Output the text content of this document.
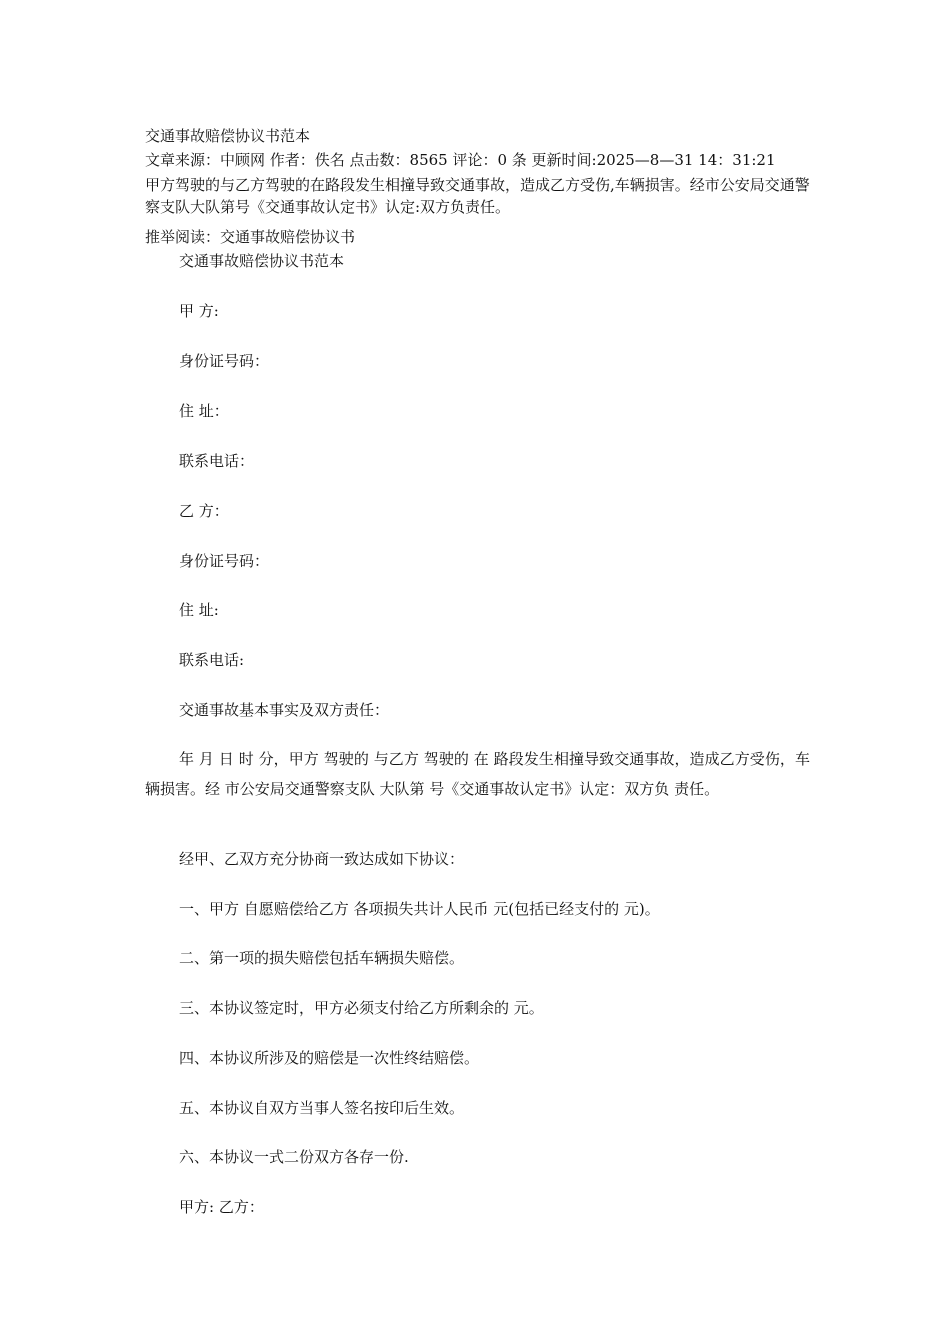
交通事故赔偿协议书范本
文章来源：中顾网 作者：佚名 点击数：8565 评论：0 条 更新时间:2025—8—31 14：31:21
甲方驾驶的与乙方驾驶的在路段发生相撞导致交通事故，造成乙方受伤,车辆损害。经市公安局交通警察支队大队第号《交通事故认定书》认定:双方负责任。
推举阅读：交通事故赔偿协议书
交通事故赔偿协议书范本
甲 方:
身份证号码：
住 址：
联系电话：
乙 方：
身份证号码：
住 址:
联系电话:
交通事故基本事实及双方责任：
年 月 日 时 分，甲方 驾驶的 与乙方 驾驶的 在 路段发生相撞导致交通事故，造成乙方受伤，车辆损害。经 市公安局交通警察支队 大队第 号《交通事故认定书》认定：双方负 责任。
经甲、乙双方充分协商一致达成如下协议：
一、甲方 自愿赔偿给乙方 各项损失共计人民币 元(包括已经支付的 元)。
二、第一项的损失赔偿包括车辆损失赔偿。
三、本协议签定时，甲方必须支付给乙方所剩余的 元。
四、本协议所涉及的赔偿是一次性终结赔偿。
五、本协议自双方当事人签名按印后生效。
六、本协议一式二份双方各存一份.
甲方: 乙方：
